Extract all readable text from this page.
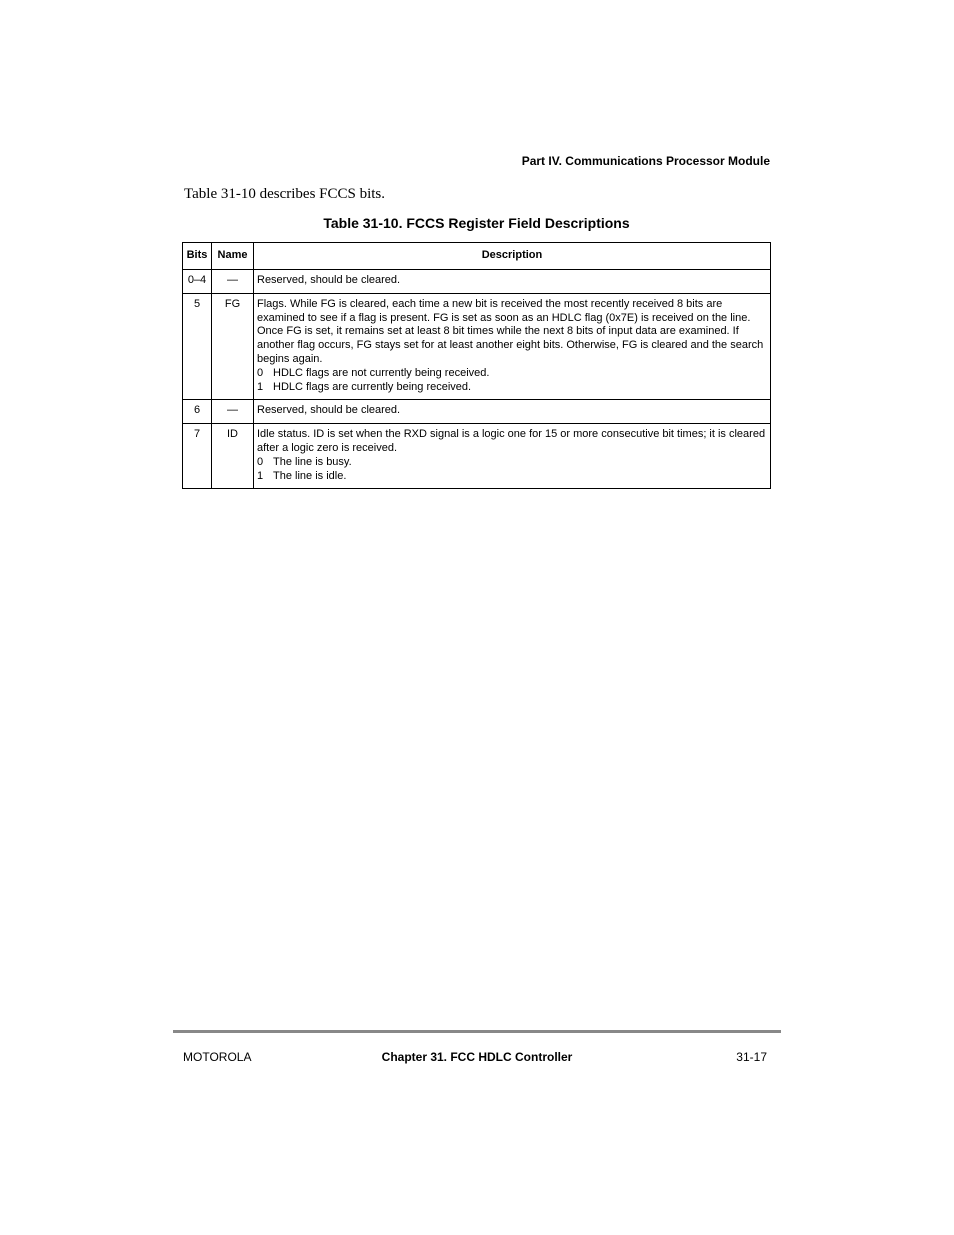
Part IV. Communications Processor Module
Table 31-10 describes FCCS bits.
Table 31-10. FCCS Register Field Descriptions
Bits	Name	Description
0–4	—	Reserved, should be cleared.

5	FG	Flags. While FG is cleared, each time a new bit is received the most recently received 8 bits are examined to see if a flag is present. FG is set as soon as an HDLC flag (0x7E) is received on the line. Once FG is set, it remains set at least 8 bit times while the next 8 bits of input data are examined. If another flag occurs, FG stays set for at least another eight bits. Otherwise, FG is cleared and the search begins again.
0 HDLC flags are not currently being received.
1 HDLC flags are currently being received.

6	—	Reserved, should be cleared.

7	ID	Idle status. ID is set when the RXD signal is a logic one for 15 or more consecutive bit times; it is cleared after a logic zero is received.
0 The line is busy.
1 The line is idle.
MOTOROLA	Chapter 31. FCC HDLC Controller	31-17
